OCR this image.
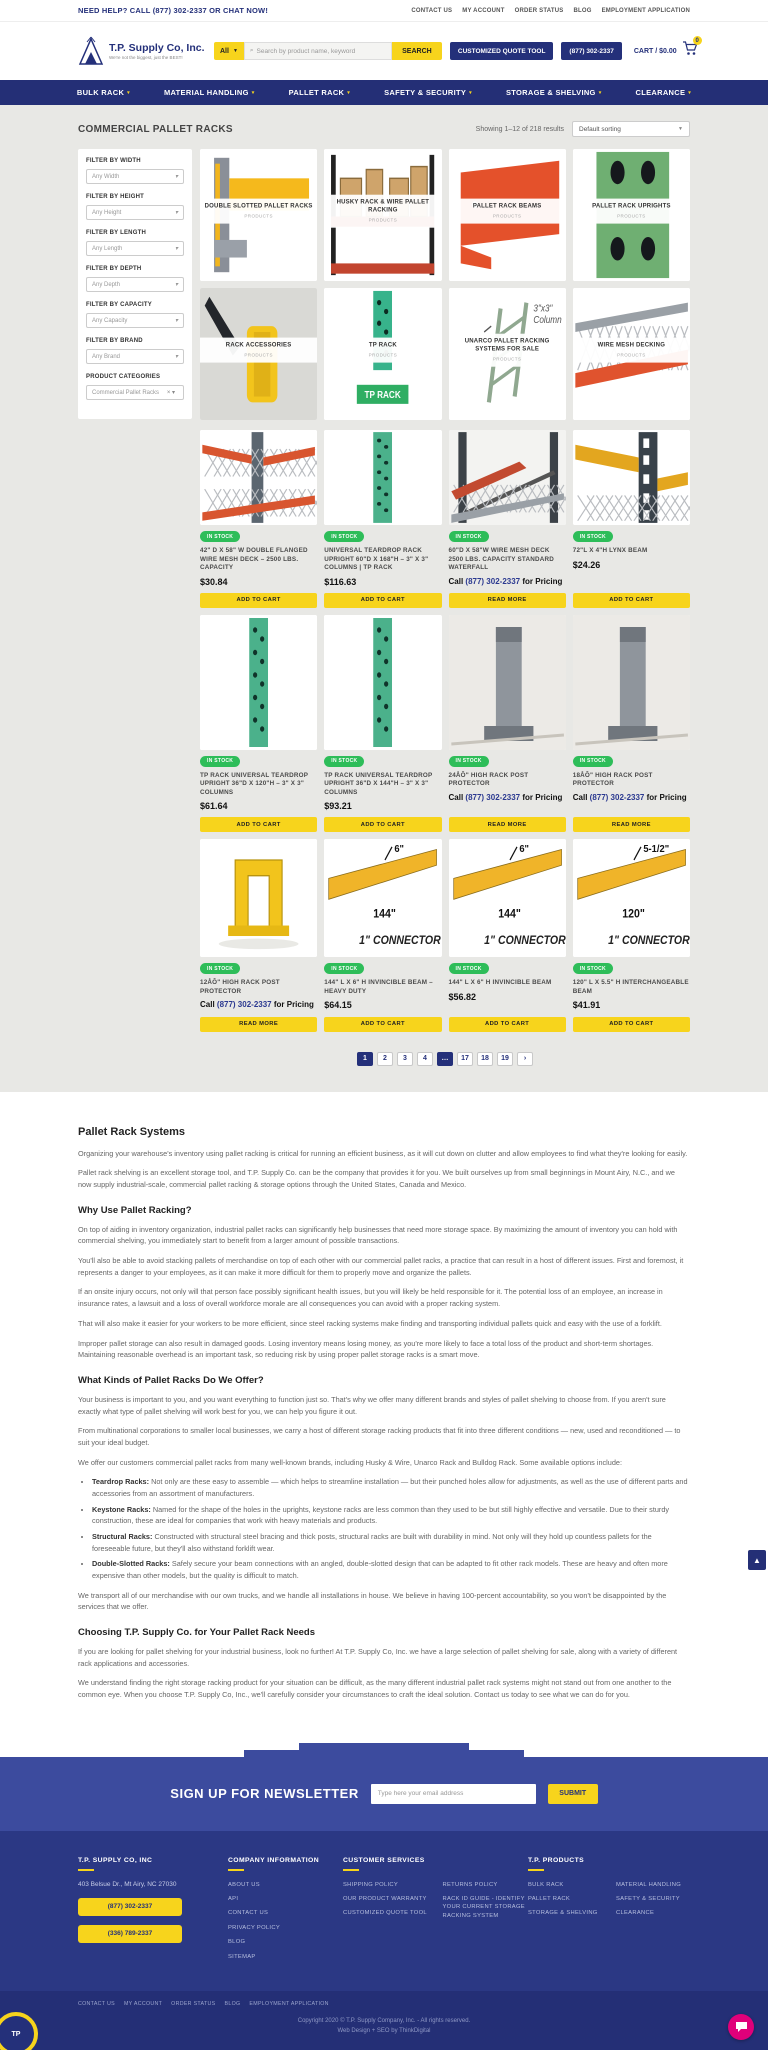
NEED HELP? CALL (877) 302-2337 OR CHAT NOW!	CONTACT US MY ACCOUNT ORDER STATUS BLOG EMPLOYMENT APPLICATION
T.P. Supply Co, Inc.
We're not the biggest, just the BEST!
All ▼ ⌕ Search by product name, keyword	SEARCH	CUSTOMIZED QUOTE TOOL	(877) 302-2337	CART / $0.00
0
BULK RACK ▾	MATERIAL HANDLING ▾	PALLET RACK ▾	SAFETY & SECURITY ▾	STORAGE & SHELVING ▾	CLEARANCE ▾
COMMERCIAL PALLET RACKS	Showing 1–12 of 218 results Default sorting	▼
FILTER BY WIDTH
Any Width	▾
FILTER BY HEIGHT
Any Height	▾
FILTER BY LENGTH
Any Length	▾
FILTER BY DEPTH
Any Depth	▾
FILTER BY CAPACITY
Any Capacity	▾
FILTER BY BRAND
Any Brand	▾
PRODUCT CATEGORIES
Commercial Pallet Racks × ▾
DOUBLE SLOTTED PALLET RACKS
PRODUCTS
HUSKY RACK & WIRE PALLET RACKING
PRODUCTS
PALLET RACK BEAMS
PRODUCTS
PALLET RACK UPRIGHTS
PRODUCTS
RACK ACCESSORIES
PRODUCTS
TP RACK
TP RACK
PRODUCTS
3"x3"
Column
UNARCO PALLET RACKING SYSTEMS FOR SALE
PRODUCTS
WIRE MESH DECKING
PRODUCTS
IN STOCK
42" D X 58" W DOUBLE FLANGED WIRE MESH DECK – 2500 LBS. CAPACITY
$30.84
ADD TO CART
IN STOCK
UNIVERSAL TEARDROP RACK UPRIGHT 60"D X 168"H – 3" X 3" COLUMNS | TP RACK
$116.63
ADD TO CART
IN STOCK
60"D X 58"W WIRE MESH DECK 2500 LBS. CAPACITY STANDARD WATERFALL
Call (877) 302-2337 for Pricing
READ MORE
IN STOCK
72"L X 4"H LYNX BEAM
$24.26
ADD TO CART
IN STOCK
TP RACK UNIVERSAL TEARDROP UPRIGHT 36"D X 120"H – 3" X 3" COLUMNS
$61.64
ADD TO CART
IN STOCK
TP RACK UNIVERSAL TEARDROP UPRIGHT 36"D X 144"H – 3" X 3" COLUMNS
$93.21
ADD TO CART
IN STOCK
24ÅÔ" HIGH RACK POST PROTECTOR
Call (877) 302-2337 for Pricing
READ MORE
IN STOCK
18ÅÔ" HIGH RACK POST PROTECTOR
Call (877) 302-2337 for Pricing
READ MORE
IN STOCK
12ÅÔ" HIGH RACK POST PROTECTOR
Call (877) 302-2337 for Pricing
READ MORE
6"
144"
1" CONNECTOR
IN STOCK
144" L X 6" H INVINCIBLE BEAM – HEAVY DUTY
$64.15
ADD TO CART
6"
144"
1" CONNECTOR
IN STOCK
144" L X 6" H INVINCIBLE BEAM
$56.82
ADD TO CART
5-1/2"
120"
1" CONNECTOR
IN STOCK
120" L X 5.5" H INTERCHANGEABLE BEAM
$41.91
ADD TO CART
1	2	3	4	…	17	18	19	›
Pallet Rack Systems

Organizing your warehouse's inventory using pallet racking is critical for running an efficient business, as it will cut down on clutter and allow employees to find what they're looking for easily.

Pallet rack shelving is an excellent storage tool, and T.P. Supply Co. can be the company that provides it for you. We built ourselves up from small beginnings in Mount Airy, N.C., and we now supply industrial-scale, commercial pallet racking & storage options through the United States, Canada and Mexico.

Why Use Pallet Racking?

On top of aiding in inventory organization, industrial pallet racks can significantly help businesses that need more storage space. By maximizing the amount of inventory you can hold with commercial shelving, you immediately start to benefit from a larger amount of possible transactions.

You'll also be able to avoid stacking pallets of merchandise on top of each other with our commercial pallet racks, a practice that can result in a host of different issues. First and foremost, it represents a danger to your employees, as it can make it more difficult for them to properly move and organize the pallets.

If an onsite injury occurs, not only will that person face possibly significant health issues, but you will likely be held responsible for it. The potential loss of an employee, an increase in insurance rates, a lawsuit and a loss of overall workforce morale are all consequences you can avoid with a proper racking system.

That will also make it easier for your workers to be more efficient, since steel racking systems make finding and transporting individual pallets quick and easy with the use of a forklift.

Improper pallet storage can also result in damaged goods. Losing inventory means losing money, as you're more likely to face a total loss of the product and short-term shortages. Maintaining reasonable overhead is an important task, so reducing risk by using proper pallet storage racks is a smart move.

What Kinds of Pallet Racks Do We Offer?

Your business is important to you, and you want everything to function just so. That's why we offer many different brands and styles of pallet shelving to choose from. If you aren't sure exactly what type of pallet shelving will work best for you, we can help you figure it out.

From multinational corporations to smaller local businesses, we carry a host of different storage racking products that fit into three different conditions — new, used and reconditioned — to suit your ideal budget.

We offer our customers commercial pallet racks from many well-known brands, including Husky & Wire, Unarco Rack and Bulldog Rack. Some available options include:

• Teardrop Racks: Not only are these easy to assemble — which helps to streamline installation — but their punched holes allow for adjustments, as well as the use of different parts and accessories from an assortment of manufacturers.
• Keystone Racks: Named for the shape of the holes in the uprights, keystone racks are less common than they used to be but still highly effective and versatile. Due to their sturdy construction, these are ideal for companies that work with heavy materials and products.
• Structural Racks: Constructed with structural steel bracing and thick posts, structural racks are built with durability in mind. Not only will they hold up countless pallets for the foreseeable future, but they'll also withstand forklift wear.
• Double-Slotted Racks: Safely secure your beam connections with an angled, double-slotted design that can be adapted to fit other rack models. These are heavy and often more expensive than other models, but the quality is difficult to match.

We transport all of our merchandise with our own trucks, and we handle all installations in house. We believe in having 100-percent accountability, so you won't be disappointed by the services that we offer.

Choosing T.P. Supply Co. for Your Pallet Rack Needs

If you are looking for pallet shelving for your industrial business, look no further! At T.P. Supply Co, Inc. we have a large selection of pallet shelving for sale, along with a variety of different rack applications and accessories.

We understand finding the right storage racking product for your situation can be difficult, as the many different industrial pallet rack systems might not stand out from one another to the common eye. When you choose T.P. Supply Co, Inc., we'll carefully consider your circumstances to craft the ideal solution. Contact us today to see what we can do for you.

SIGN UP FOR NEWSLETTER	Type here your email address	SUBMIT
T.P. SUPPLY CO, INC
403 Belsue Dr., Mt Airy, NC 27030
(877) 302-2337
(336) 789-2337
COMPANY INFORMATION
ABOUT US
API
CONTACT US
PRIVACY POLICY
BLOG
SITEMAP
CUSTOMER SERVICES
SHIPPING POLICY
OUR PRODUCT WARRANTY
CUSTOMIZED QUOTE TOOL
RETURNS POLICY
RACK ID GUIDE - IDENTIFY YOUR CURRENT STORAGE RACKING SYSTEM
T.P. PRODUCTS
BULK RACK
PALLET RACK
STORAGE & SHELVING
MATERIAL HANDLING
SAFETY & SECURITY
CLEARANCE
CONTACT US MY ACCOUNT ORDER STATUS BLOG EMPLOYMENT APPLICATION
Copyright 2020 © T.P. Supply Company, Inc. - All rights reserved.
Web Design + SEO by ThinkDigital
▲
TP
